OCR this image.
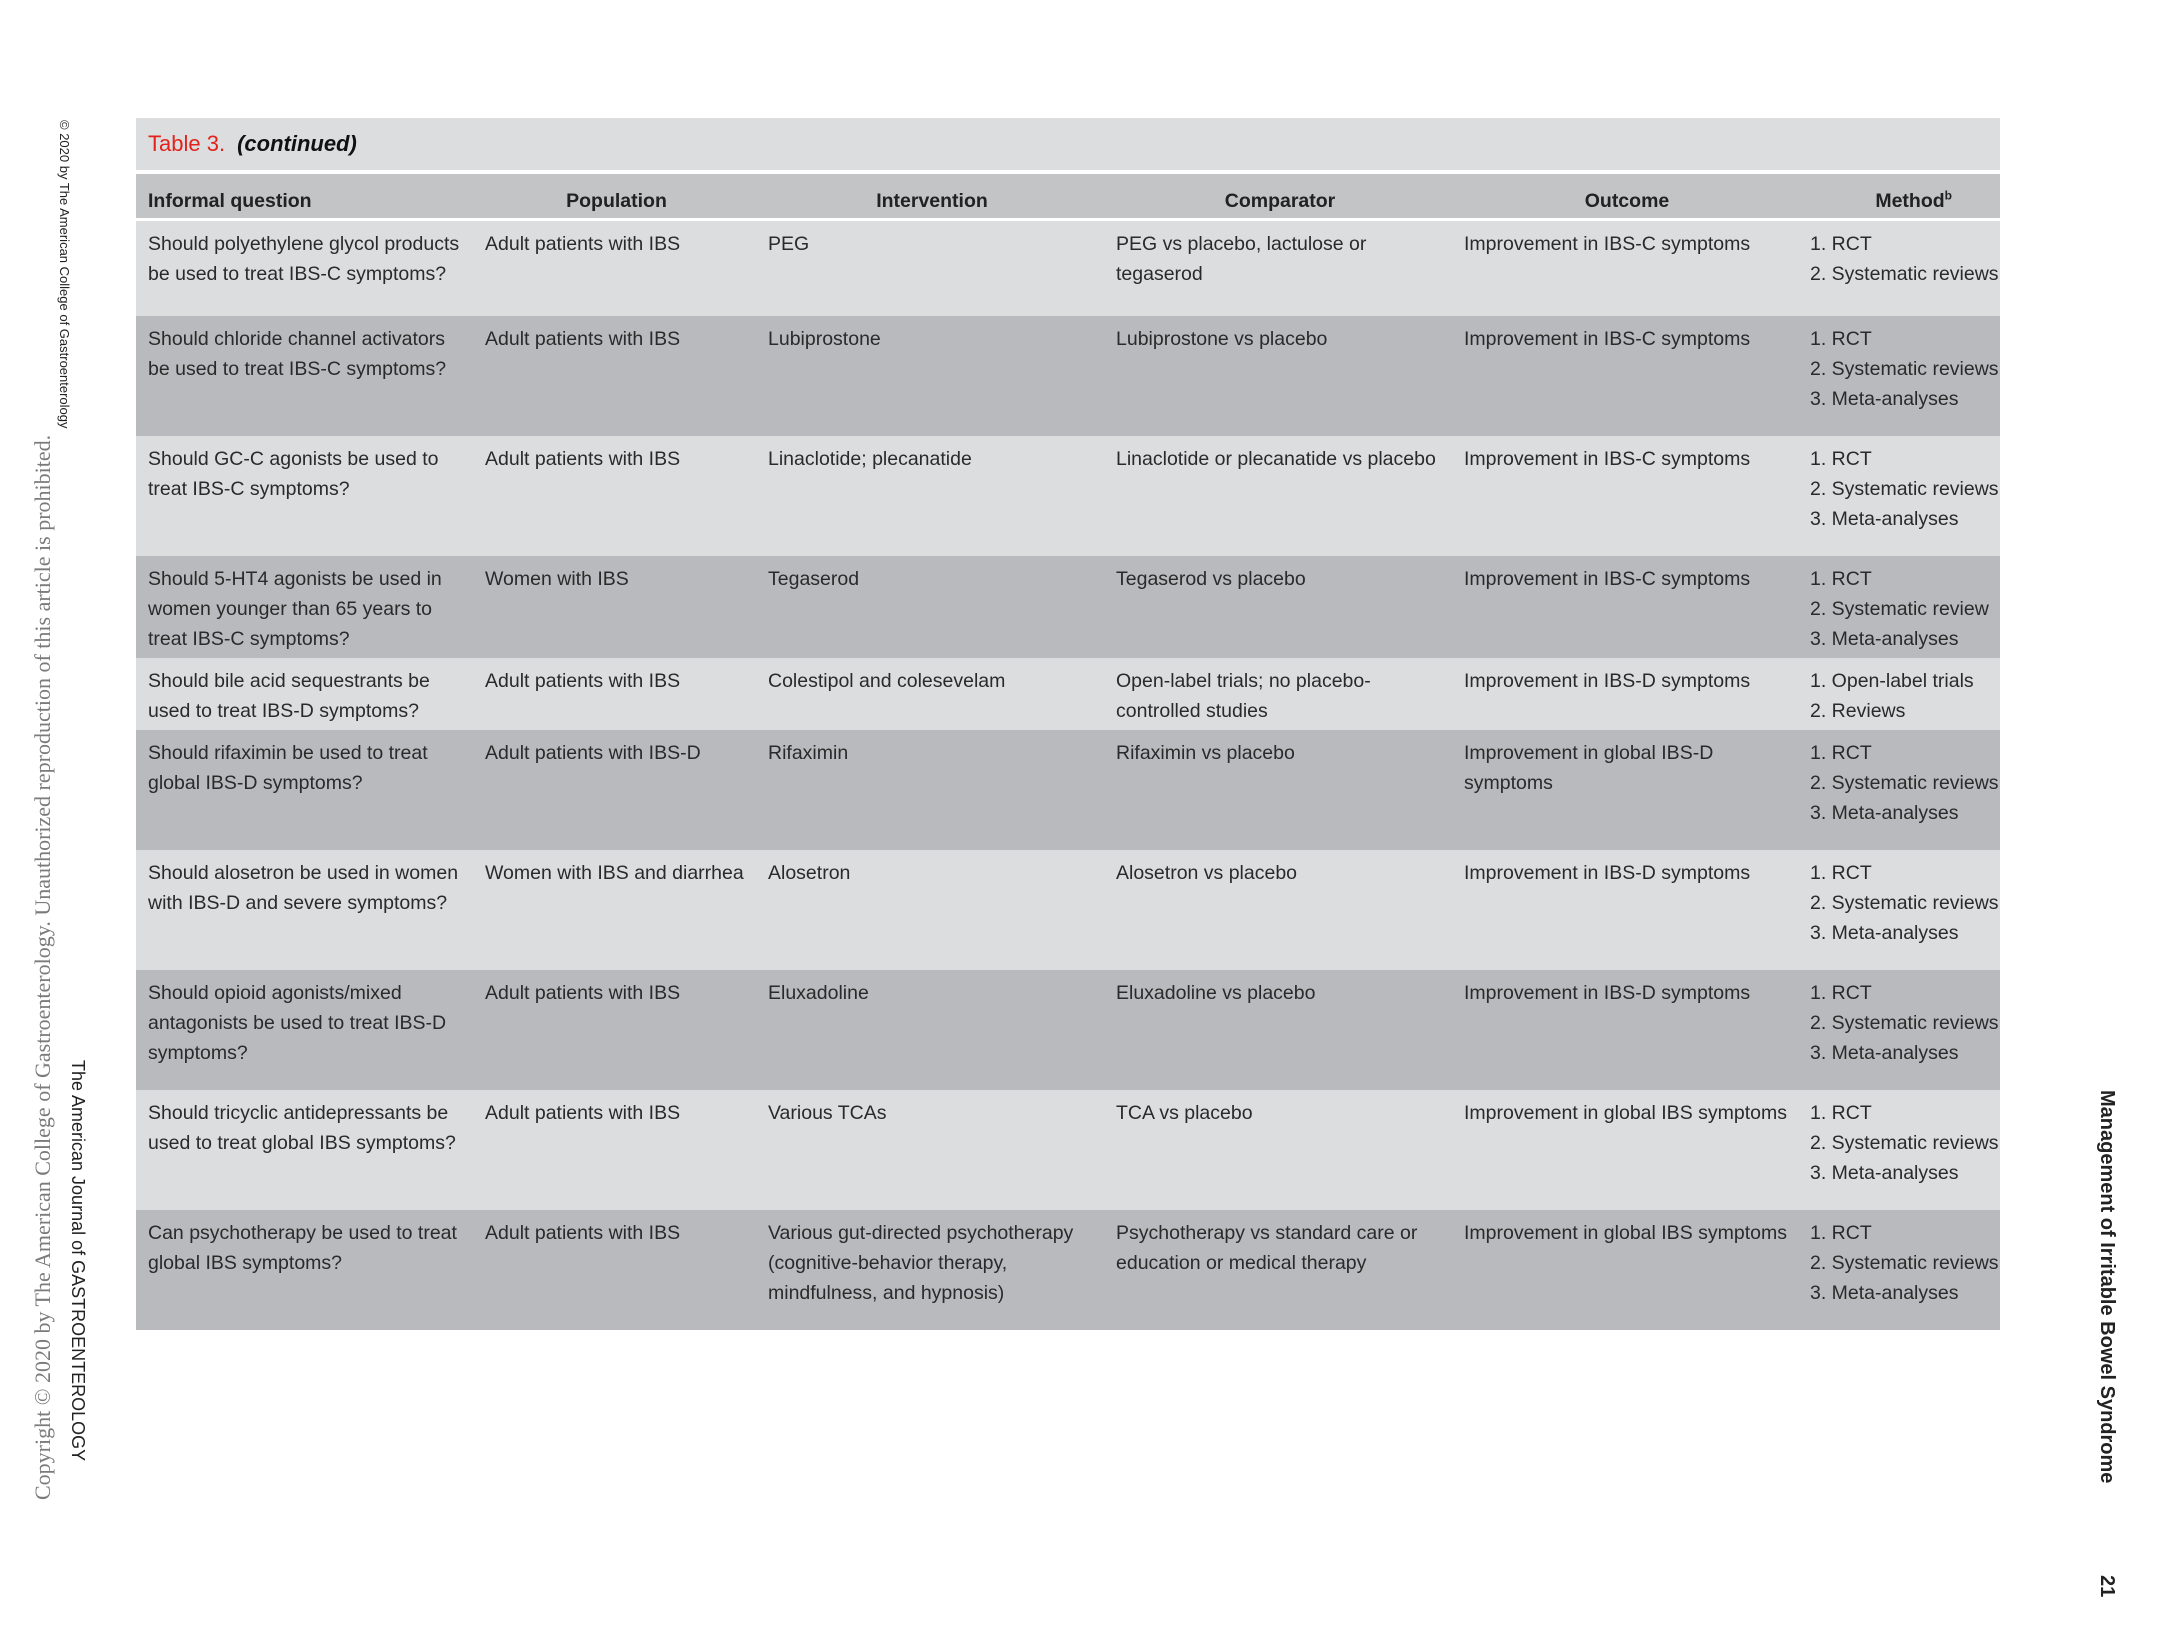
Copyright © 2020 by The American College of Gastroenterology. Unauthorized reproduction of this article is prohibited.
© 2020 by The American College of Gastroenterology
The American Journal of GASTROENTEROLOGY	Management of Irritable Bowel Syndrome
21
Table 3. (continued)
Informal question	Population	Intervention	Comparator	Outcome	Method$^b$
Should polyethylene glycol products be used to treat IBS-C symptoms?	Adult patients with IBS	PEG	PEG vs placebo, lactulose or tegaserod	Improvement in IBS-C symptoms	1. RCT
2. Systematic reviews

Should chloride channel activators be used to treat IBS-C symptoms?	Adult patients with IBS	Lubiprostone	Lubiprostone vs placebo	Improvement in IBS-C symptoms	1. RCT
2. Systematic reviews
3. Meta-analyses

Should GC-C agonists be used to treat IBS-C symptoms?	Adult patients with IBS	Linaclotide; plecanatide	Linaclotide or plecanatide vs placebo	Improvement in IBS-C symptoms	1. RCT
2. Systematic reviews
3. Meta-analyses

Should 5-HT4 agonists be used in women younger than 65 years to treat IBS-C symptoms?	Women with IBS	Tegaserod	Tegaserod vs placebo	Improvement in IBS-C symptoms	1. RCT
2. Systematic review
3. Meta-analyses

Should bile acid sequestrants be used to treat IBS-D symptoms?	Adult patients with IBS	Colestipol and colesevelam	Open-label trials; no placebo-controlled studies	Improvement in IBS-D symptoms	1. Open-label trials
2. Reviews

Should rifaximin be used to treat global IBS-D symptoms?	Adult patients with IBS-D	Rifaximin	Rifaximin vs placebo	Improvement in global IBS-D symptoms	1. RCT
2. Systematic reviews
3. Meta-analyses

Should alosetron be used in women with IBS-D and severe symptoms?	Women with IBS and diarrhea	Alosetron	Alosetron vs placebo	Improvement in IBS-D symptoms	1. RCT
2. Systematic reviews
3. Meta-analyses

Should opioid agonists/mixed antagonists be used to treat IBS-D symptoms?	Adult patients with IBS	Eluxadoline	Eluxadoline vs placebo	Improvement in IBS-D symptoms	1. RCT
2. Systematic reviews
3. Meta-analyses

Should tricyclic antidepressants be used to treat global IBS symptoms?	Adult patients with IBS	Various TCAs	TCA vs placebo	Improvement in global IBS symptoms	1. RCT
2. Systematic reviews
3. Meta-analyses

Can psychotherapy be used to treat global IBS symptoms?	Adult patients with IBS	Various gut-directed psychotherapy (cognitive-behavior therapy, mindfulness, and hypnosis)	Psychotherapy vs standard care or education or medical therapy	Improvement in global IBS symptoms	1. RCT
2. Systematic reviews
3. Meta-analyses
